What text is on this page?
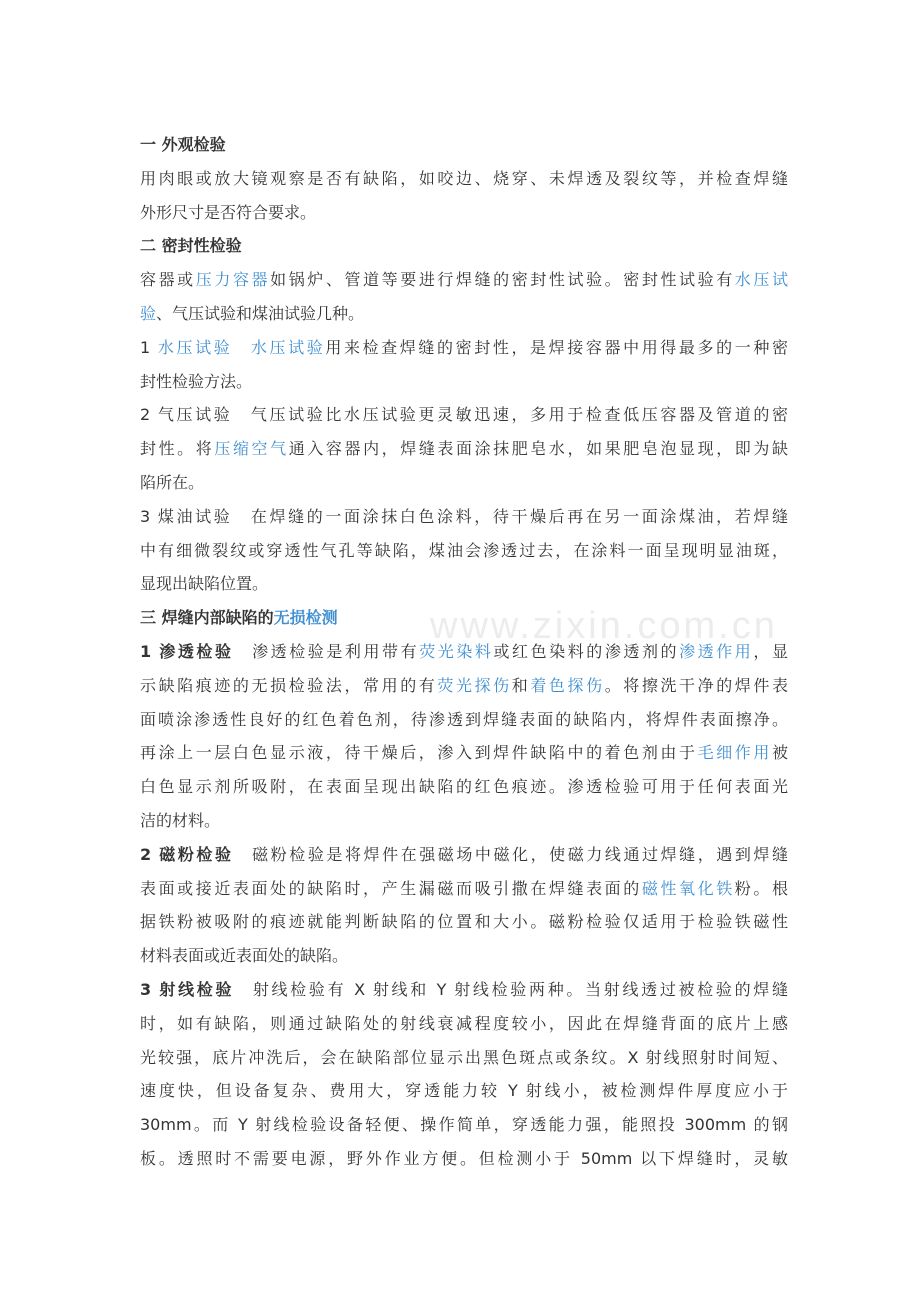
www.zixin.com.cn
一 外观检验
用肉眼或放大镜观察是否有缺陷，如咬边、烧穿、未焊透及裂纹等，并检查焊缝
外形尺寸是否符合要求。
二 密封性检验
容器或压力容器如锅炉、管道等要进行焊缝的密封性试验。密封性试验有水压试
验、气压试验和煤油试验几种。
1 水压试验　 水压试验用来检查焊缝的密封性，是焊接容器中用得最多的一种密
封性检验方法。
2 气压试验　气压试验比水压试验更灵敏迅速，多用于检查低压容器及管道的密
封性。将压缩空气通入容器内，焊缝表面涂抹肥皂水，如果肥皂泡显现，即为缺
陷所在。
3 煤油试验　在焊缝的一面涂抹白色涂料，待干燥后再在另一面涂煤油，若焊缝
中有细微裂纹或穿透性气孔等缺陷，煤油会渗透过去，在涂料一面呈现明显油斑，
显现出缺陷位置。
三 焊缝内部缺陷的无损检测
1 渗透检验　渗透检验是利用带有荧光染料或红色染料的渗透剂的渗透作用，显
示缺陷痕迹的无损检验法，常用的有荧光探伤和着色探伤。将擦洗干净的焊件表
面喷涂渗透性良好的红色着色剂，待渗透到焊缝表面的缺陷内，将焊件表面擦净。
再涂上一层白色显示液，待干燥后，渗入到焊件缺陷中的着色剂由于毛细作用被
白色显示剂所吸附，在表面呈现出缺陷的红色痕迹。渗透检验可用于任何表面光
洁的材料。
2 磁粉检验　磁粉检验是将焊件在强磁场中磁化，使磁力线通过焊缝，遇到焊缝
表面或接近表面处的缺陷时，产生漏磁而吸引撒在焊缝表面的磁性氧化铁粉。根
据铁粉被吸附的痕迹就能判断缺陷的位置和大小。磁粉检验仅适用于检验铁磁性
材料表面或近表面处的缺陷。
3 射线检验　射线检验有 X 射线和 Y 射线检验两种。当射线透过被检验的焊缝
时，如有缺陷，则通过缺陷处的射线衰减程度较小，因此在焊缝背面的底片上感
光较强，底片冲洗后，会在缺陷部位显示出黑色斑点或条纹。X 射线照射时间短、
速度快，但设备复杂、费用大，穿透能力较 Y 射线小，被检测焊件厚度应小于
30mm。而 Y 射线检验设备轻便、操作简单，穿透能力强，能照投 300mm 的钢
板。透照时不需要电源，野外作业方便。但检测小于 50mm 以下焊缝时，灵敏
